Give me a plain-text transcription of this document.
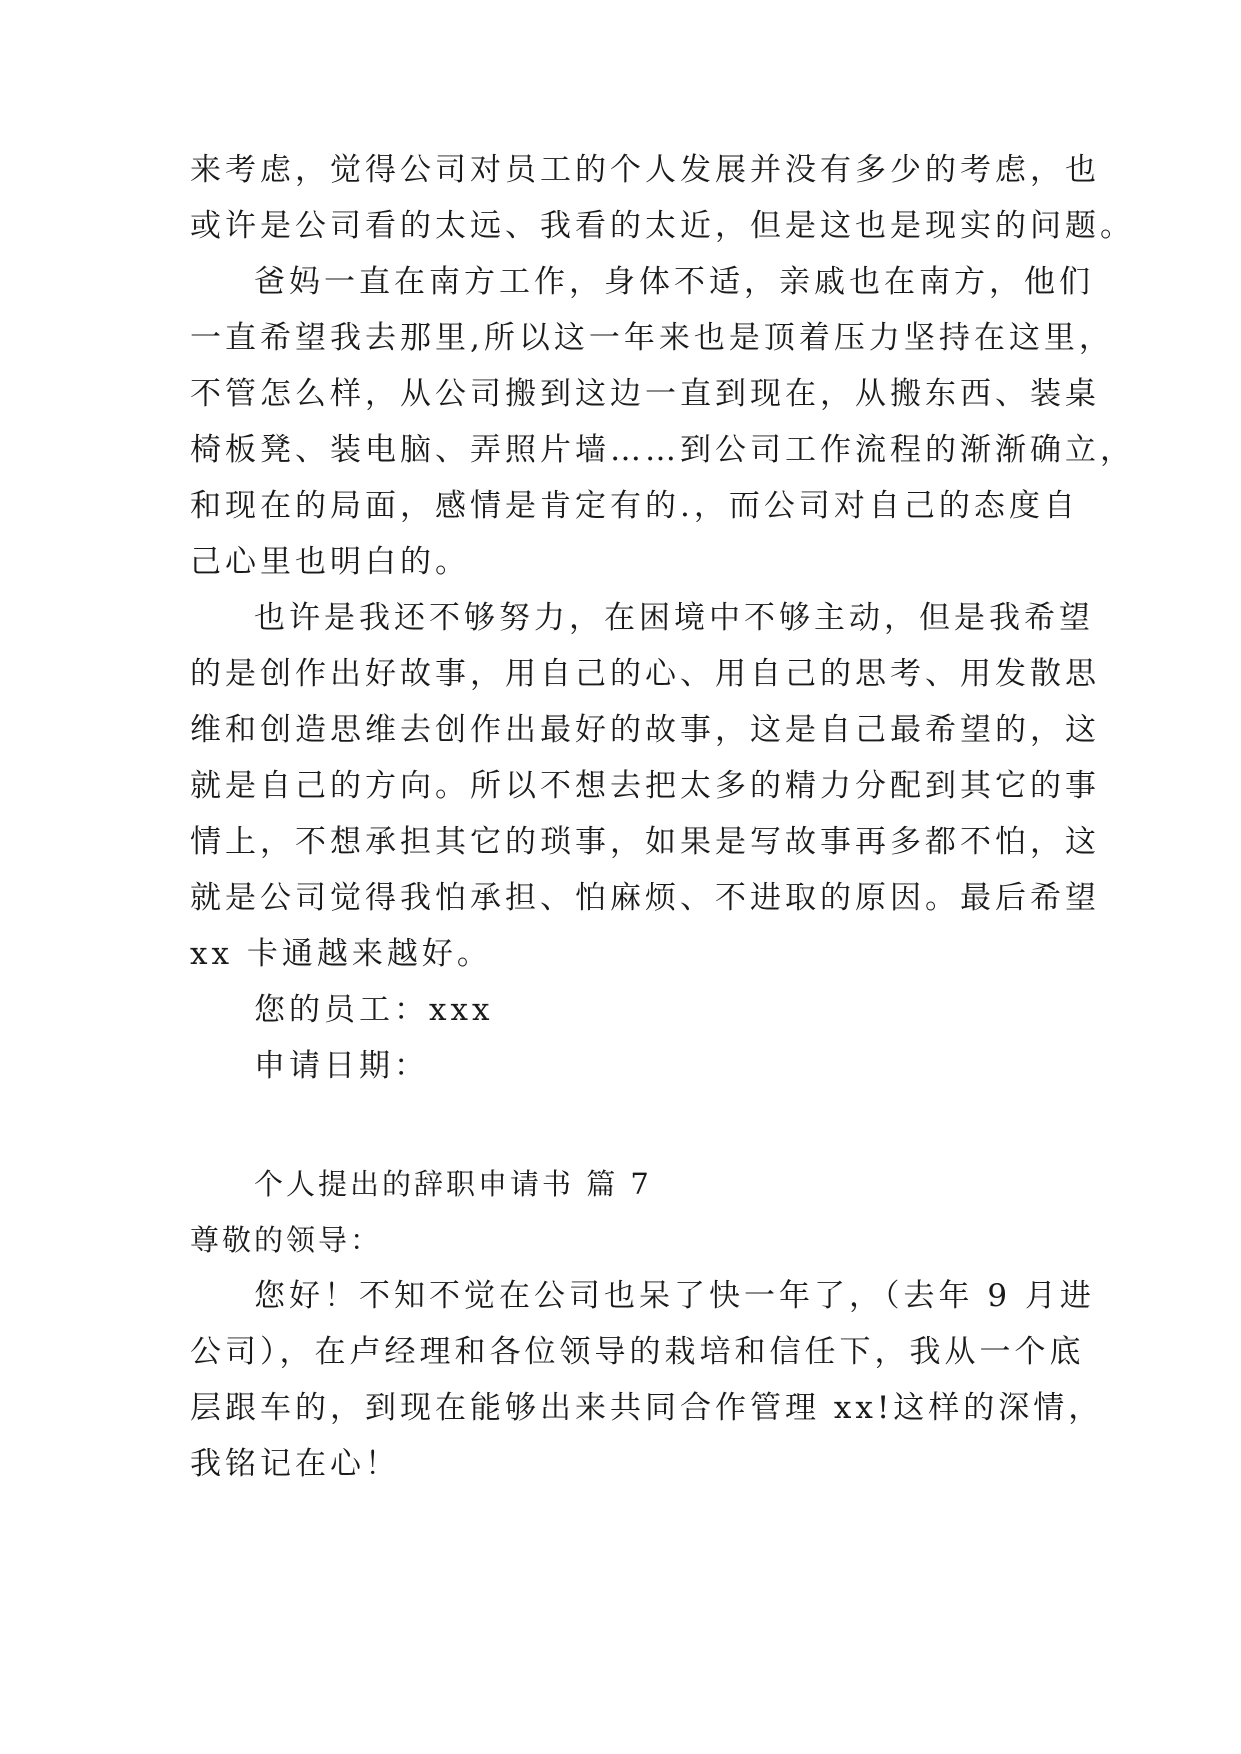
来考虑，觉得公司对员工的个人发展并没有多少的考虑，也
或许是公司看的太远、我看的太近，但是这也是现实的问题。
爸妈一直在南方工作，身体不适，亲戚也在南方，他们
一直希望我去那里,所以这一年来也是顶着压力坚持在这里，
不管怎么样，从公司搬到这边一直到现在，从搬东西、装桌
椅板凳、装电脑、弄照片墙……到公司工作流程的渐渐确立，
和现在的局面，感情是肯定有的.，而公司对自己的态度自
己心里也明白的。
也许是我还不够努力，在困境中不够主动，但是我希望
的是创作出好故事，用自己的心、用自己的思考、用发散思
维和创造思维去创作出最好的故事，这是自己最希望的，这
就是自己的方向。所以不想去把太多的精力分配到其它的事
情上，不想承担其它的琐事，如果是写故事再多都不怕，这
就是公司觉得我怕承担、怕麻烦、不进取的原因。最后希望
xx 卡通越来越好。
您的员工：xxx
申请日期：
个人提出的辞职申请书 篇 7
尊敬的领导：
您好！不知不觉在公司也呆了快一年了，（去年 9 月进
公司），在卢经理和各位领导的栽培和信任下，我从一个底
层跟车的，到现在能够出来共同合作管理 xx!这样的深情，
我铭记在心！
